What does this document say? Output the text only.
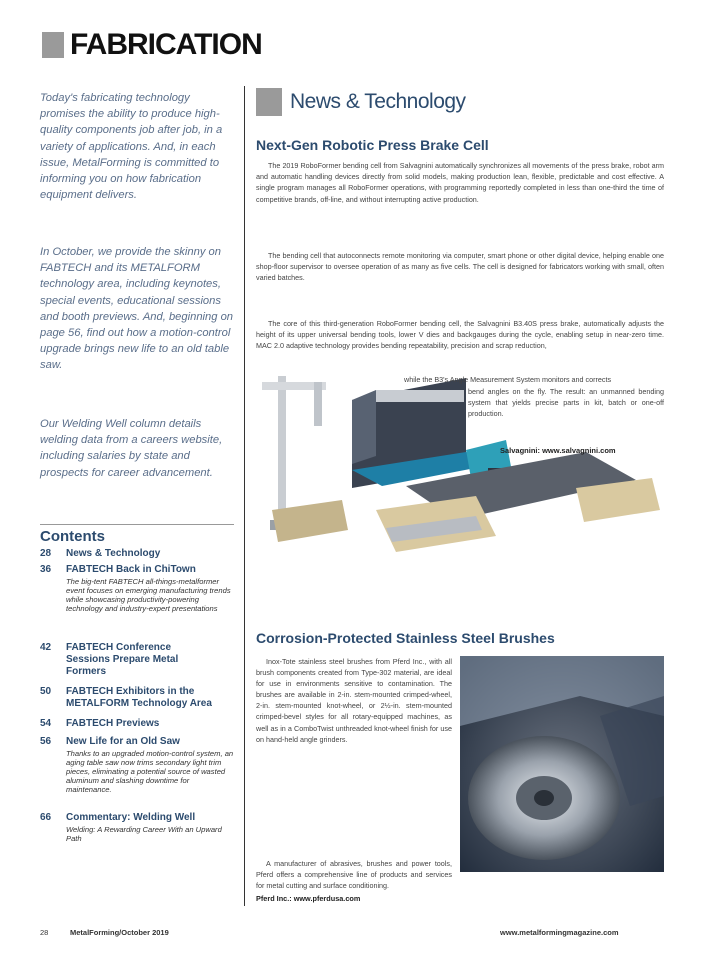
FABRICATION

Today's fabricating technology promises the ability to produce high-quality components job after job, in a variety of applications. And, in each issue, MetalForming is committed to informing you on how fabrication equipment delivers.

In October, we provide the skinny on FABTECH and its METALFORM technology area, including keynotes, special events, educational sessions and booth previews. And, beginning on page 56, find out how a motion-control upgrade brings new life to an old table saw.

Our Welding Well column details welding data from a careers website, including salaries by state and prospects for career advancement.

Contents
28 News & Technology
36 FABTECH Back in ChiTown
The big-tent FABTECH all-things-metalformer event focuses on emerging manufacturing trends while showcasing productivity-powering technology and industry-expert presentations
42 FABTECH Conference Sessions Prepare Metal Formers
50 FABTECH Exhibitors in the METALFORM Technology Area
54 FABTECH Previews
56 New Life for an Old Saw
Thanks to an upgraded motion-control system, an aging table saw now trims secondary light trim pieces, eliminating a potential source of wasted aluminum and slashing downtime for maintenance.
66 Commentary: Welding Well
Welding: A Rewarding Career With an Upward Path
News & Technology
Next-Gen Robotic Press Brake Cell

The 2019 RoboFormer bending cell from Salvagnini automatically synchronizes all movements of the press brake, robot arm and automatic handling devices directly from solid models, making production lean, flexible, predictable and cost effective. A single program manages all RoboFormer operations, with programming reportedly completed in less than one-third the time of competitive brands, off-line, and without interrupting active production.

The bending cell that autoconnects remote monitoring via computer, smart phone or other digital device, helping enable one shop-floor supervisor to oversee operation of as many as five cells. The cell is designed for fabricators working with small, often varied batches.

The core of this third-generation RoboFormer bending cell, the Salvagnini B3.40S press brake, automatically adjusts the height of its upper universal bending tools, lower V dies and backgauges during the cycle, enabling setup in near-zero time. MAC 2.0 adaptive technology provides bending repeatability, precision and scrap reduction,

while the B3's Angle Measurement System monitors and corrects

bend angles on the fly. The result: an unmanned bending system that yields precise parts in kit, batch or one-off production.

Salvagnini: www.salvagnini.com
Corrosion-Protected Stainless Steel Brushes

Inox-Tote stainless steel brushes from Pferd Inc., with all brush components created from Type-302 material, are ideal for use in environments sensitive to contamination. The brushes are available in 2-in. stem-mounted crimped-wheel, 2-in. stem-mounted knot-wheel, or 2½-in. stem-mounted crimped-bevel styles for all rotary-equipped machines, as well as in a ComboTwist unthreaded knot-wheel finish for use on hand-held angle grinders.

A manufacturer of abrasives, brushes and power tools, Pferd offers a comprehensive line of products and services for metal cutting and surface conditioning.

Pferd Inc.: www.pferdusa.com
28	MetalForming/October 2019	www.metalformingmagazine.com
